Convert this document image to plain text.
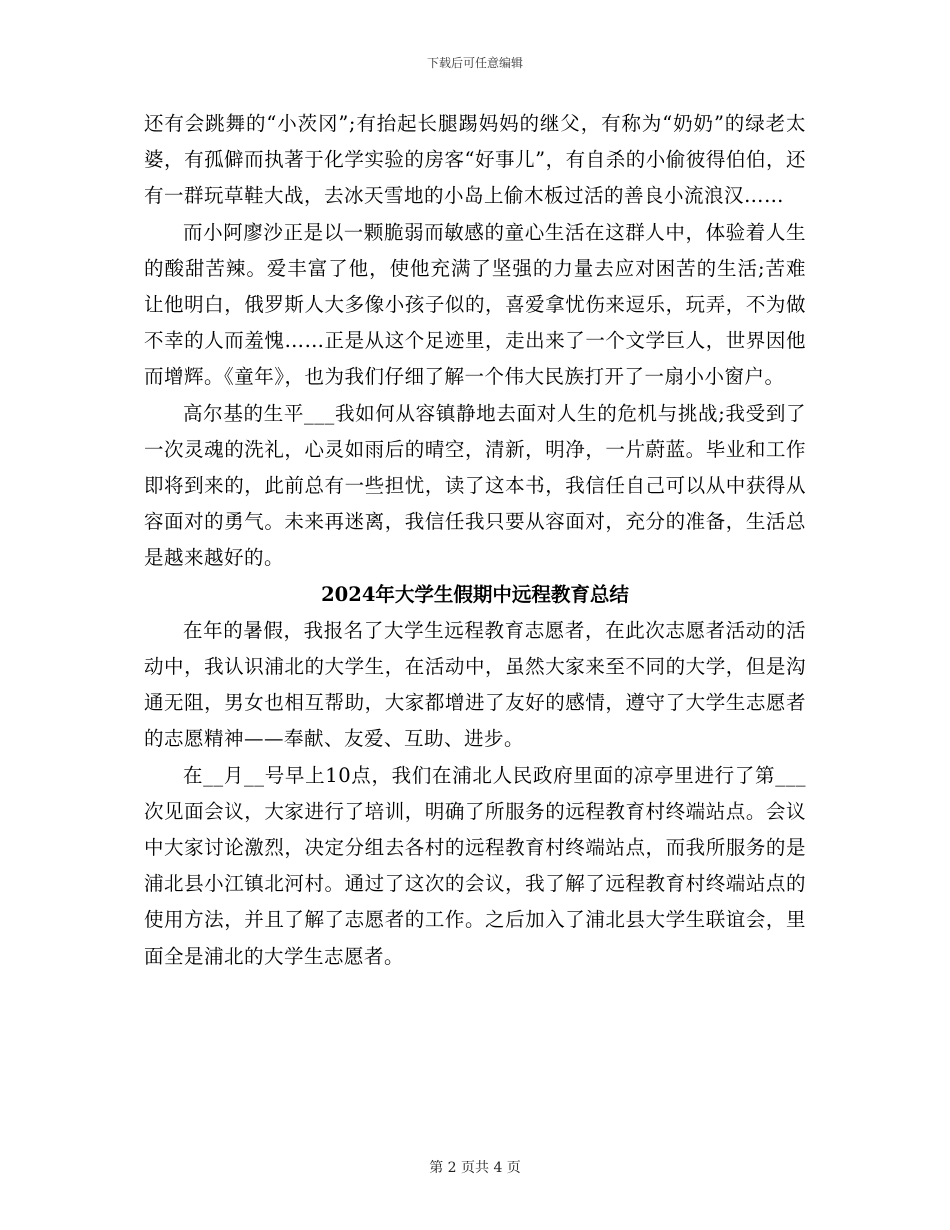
下载后可任意编辑

还有会跳舞的“小茨冈”;有抬起长腿踢妈妈的继父，有称为“奶奶”的绿老太婆，有孤僻而执著于化学实验的房客“好事儿”，有自杀的小偷彼得伯伯，还有一群玩草鞋大战，去冰天雪地的小岛上偷木板过活的善良小流浪汉……

而小阿廖沙正是以一颗脆弱而敏感的童心生活在这群人中，体验着人生的酸甜苦辣。爱丰富了他，使他充满了坚强的力量去应对困苦的生活;苦难让他明白，俄罗斯人大多像小孩子似的，喜爱拿忧伤来逗乐，玩弄，不为做不幸的人而羞愧……正是从这个足迹里，走出来了一个文学巨人，世界因他而增辉。《童年》，也为我们仔细了解一个伟大民族打开了一扇小小窗户。

高尔基的生平___我如何从容镇静地去面对人生的危机与挑战;我受到了一次灵魂的洗礼，心灵如雨后的晴空，清新，明净，一片蔚蓝。毕业和工作即将到来的，此前总有一些担忧，读了这本书，我信任自己可以从中获得从容面对的勇气。未来再迷离，我信任我只要从容面对，充分的准备，生活总是越来越好的。

2024年大学生假期中远程教育总结

在年的暑假，我报名了大学生远程教育志愿者，在此次志愿者活动的活动中，我认识浦北的大学生，在活动中，虽然大家来至不同的大学，但是沟通无阻，男女也相互帮助，大家都增进了友好的感情，遵守了大学生志愿者的志愿精神——奉献、友爱、互助、进步。

在__月__号早上10点，我们在浦北人民政府里面的凉亭里进行了第___次见面会议，大家进行了培训，明确了所服务的远程教育村终端站点。会议中大家讨论激烈，决定分组去各村的远程教育村终端站点，而我所服务的是浦北县小江镇北河村。通过了这次的会议，我了解了远程教育村终端站点的使用方法，并且了解了志愿者的工作。之后加入了浦北县大学生联谊会，里面全是浦北的大学生志愿者。

第 2 页共 4 页
